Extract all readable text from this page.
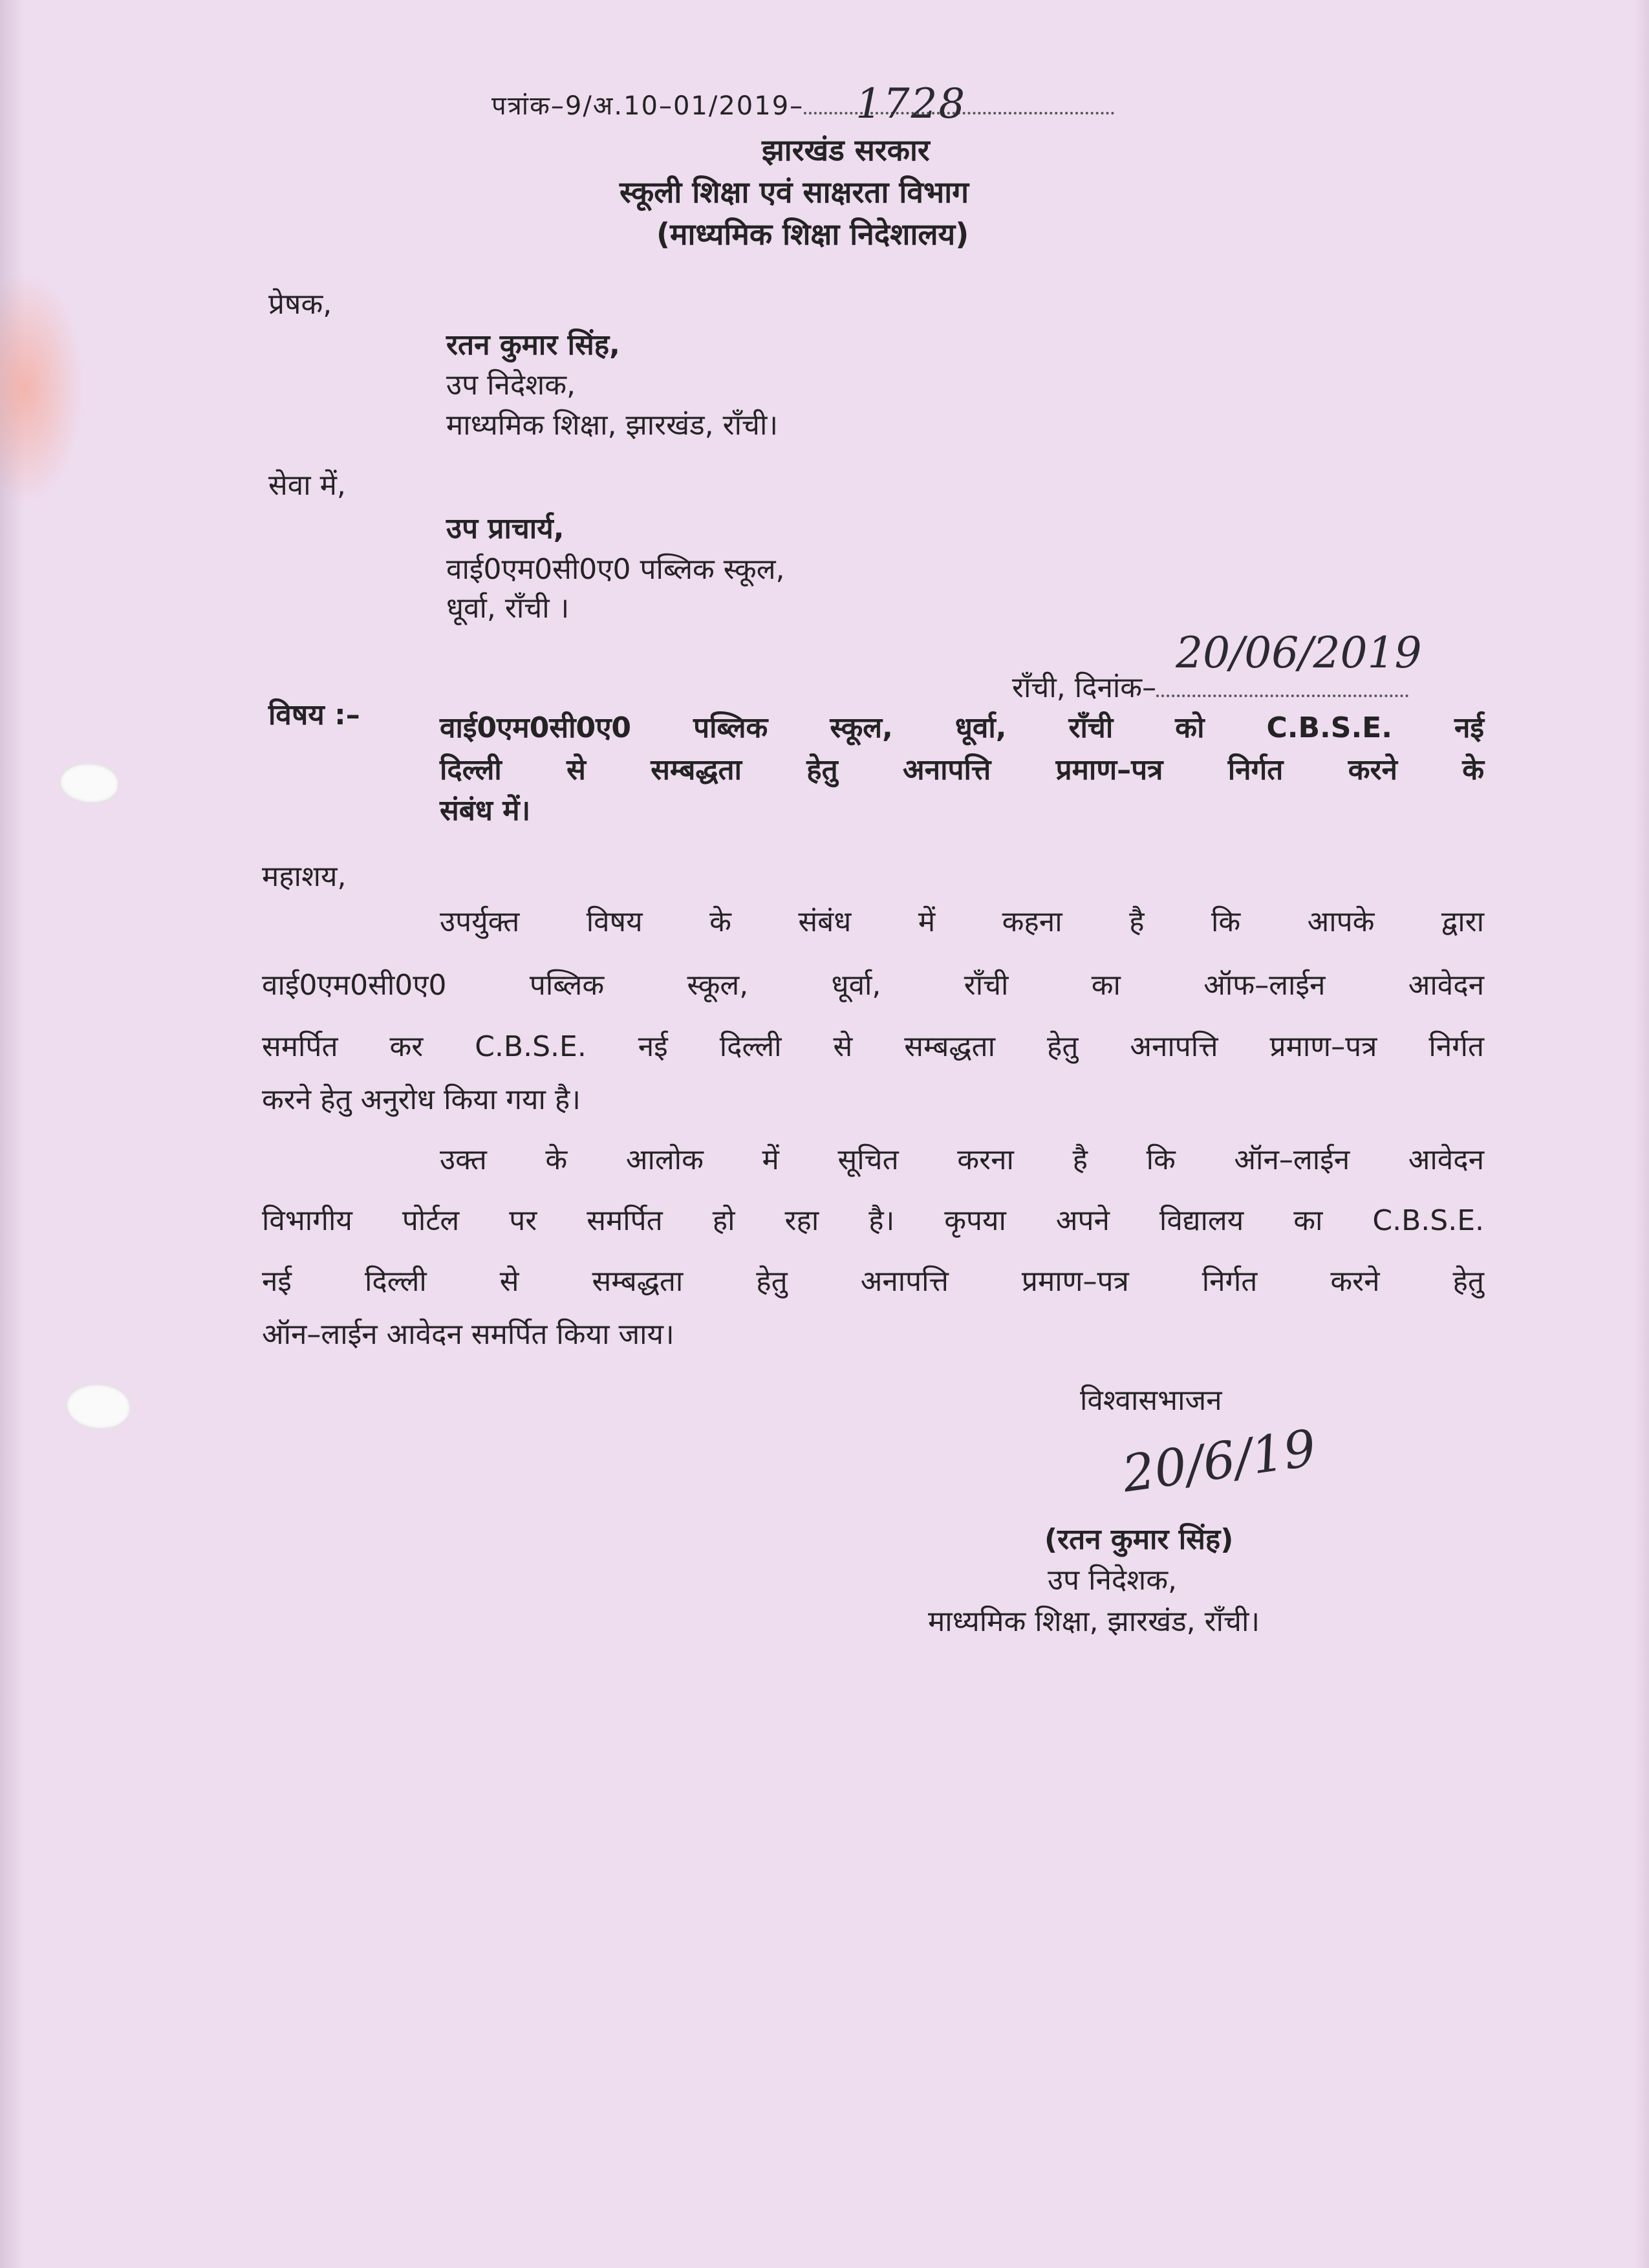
पत्रांक–9/अ.10–01/2019– 1728
झारखंड सरकार
स्कूली शिक्षा एवं साक्षरता विभाग
(माध्यमिक शिक्षा निदेशालय)
प्रेषक,
रतन कुमार सिंह,
उप निदेशक,
माध्यमिक शिक्षा, झारखंड, राँची।
सेवा में,
उप प्राचार्य,
वाई0एम0सी0ए0 पब्लिक स्कूल,
धूर्वा, राँची ।
राँची, दिनांक–
20/06/2019
विषय :–	वाई0एम0सी0ए0 पब्लिक स्कूल, धूर्वा, राँची को C.B.S.E. नई
दिल्ली से सम्बद्धता हेतु अनापत्ति प्रमाण–पत्र निर्गत करने के
संबंध में।
महाशय,
उपर्युक्त विषय के संबंध में कहना है कि आपके द्वारा
वाई0एम0सी0ए0 पब्लिक स्कूल, धूर्वा, राँची का ऑफ–लाईन आवेदन
समर्पित कर C.B.S.E. नई दिल्ली से सम्बद्धता हेतु अनापत्ति प्रमाण–पत्र निर्गत
करने हेतु अनुरोध किया गया है।
उक्त के आलोक में सूचित करना है कि ऑन–लाईन आवेदन
विभागीय पोर्टल पर समर्पित हो रहा है। कृपया अपने विद्यालय का C.B.S.E.
नई दिल्ली से सम्बद्धता हेतु अनापत्ति प्रमाण–पत्र निर्गत करने हेतु
ऑन–लाईन आवेदन समर्पित किया जाय।
विश्वासभाजन
20/6/19
(रतन कुमार सिंह)
उप निदेशक,
माध्यमिक शिक्षा, झारखंड, राँची।
